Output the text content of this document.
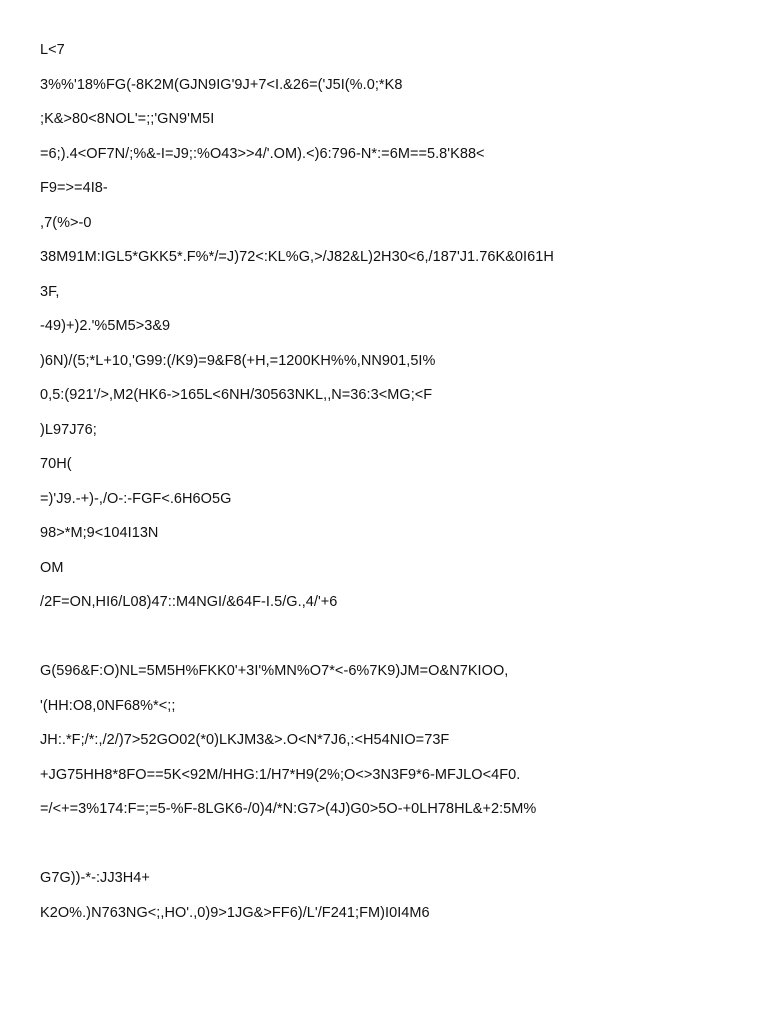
L<7
3%%'18%FG(-8K2M(GJN9IG'9J+7<I.&26=('J5I(%.0;*K8
;K&>80<8NOL'=;;'GN9'M5I
=6;).4<OF7N/;%&-I=J9;:%O43>>4/'.OM).<)6:796-N*:=6M==5.8'K88<
F9=>=4I8-
,7(%>-0
38M91M:IGL5*GKK5*.F%*/=J)72<:KL%G,>/J82&L)2H30<6,/187'J1.76K&0I61H
3F,
-49)+)2.'%5M5>3&9
)6N)/(5;*L+10,'G99:(/K9)=9&F8(+H,=1200KH%%,NN901,5I%
0,5:(921'/>,M2(HK6->165L<6NH/30563NKL,,N=36:3<MG;<F
)L97J76;
70H(
=)'J9.-+)-,/O-:-FGF<.6H6O5G
98>*M;9<104I13N
OM
/2F=ON,HI6/L08)47::M4NGI/&64F-I.5/G.,4/'+6
G(596&F:O)NL=5M5H%FKK0'+3I'%MN%O7*<-6%7K9)JM=O&N7KIOO,
'(HH:O8,0NF68%*<;;
JH:.*F;/*:,/2/)7>52GO02(*0)LKJM3&>.O<N*7J6,:<H54NIO=73F
+JG75HH8*8FO==5K<92M/HHG:1/H7*H9(2%;O<>3N3F9*6-MFJLO<4F0.
=/<+=3%174:F=;=5-%F-8LGK6-/0)4/*N:G7>(4J)G0>5O-+0LH78HL&+2:5M%
G7G))-*-:JJ3H4+
K2O%.)N763NG<;,HO'.,0)9>1JG&>FF6)/L'/F241;FM)I0I4M6
